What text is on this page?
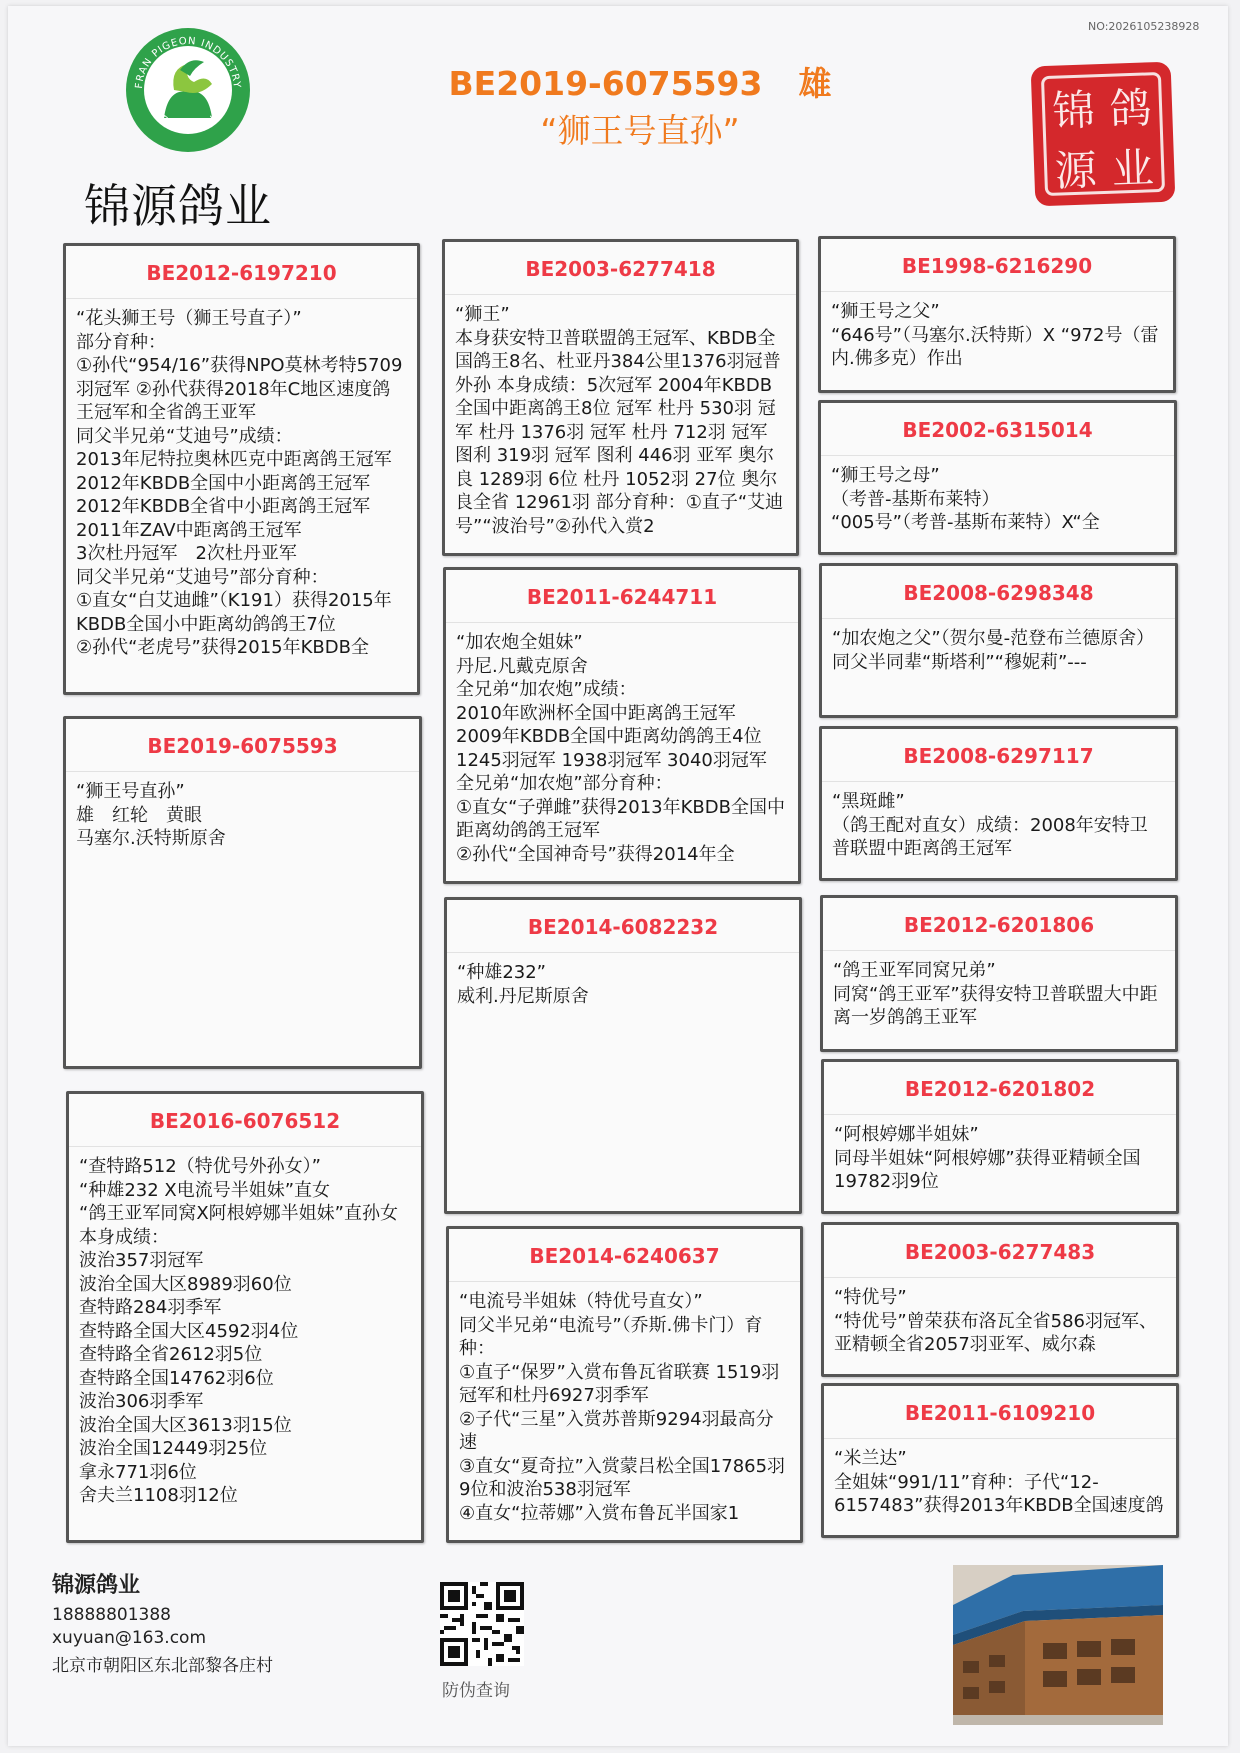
NO:2026105238928
FRAN PIGEON INDUSTRY
FENGYUAN
锦源鸽业
BE2019-6075593 雄
“狮王号直孙”	锦 鸽
源 业
BE2012-6197210
“花头狮王号（狮王号直子）”
部分育种：
①孙代“954/16”获得NPO莫林考特5709羽冠军 ②孙代获得2018年C地区速度鸽王冠军和全省鸽王亚军
同父半兄弟“艾迪号”成绩：
2013年尼特拉奥林匹克中距离鸽王冠军
2012年KBDB全国中小距离鸽王冠军
2012年KBDB全省中小距离鸽王冠军
2011年ZAV中距离鸽王冠军
3次杜丹冠军　2次杜丹亚军
同父半兄弟“艾迪号”部分育种：
①直女“白艾迪雌”（K191）获得2015年KBDB全国小中距离幼鸽鸽王7位
②孙代“老虎号”获得2015年KBDB全
BE2019-6075593
“狮王号直孙”
雄　红轮　黄眼
马塞尔.沃特斯原舍
BE2016-6076512
“查特路512（特优号外孙女）”
“种雄232 X电流号半姐妹”直女
“鸽王亚军同窝X阿根婷娜半姐妹”直孙女
本身成绩：
波治357羽冠军
波治全国大区8989羽60位
查特路284羽季军
查特路全国大区4592羽4位
查特路全省2612羽5位
查特路全国14762羽6位
波治306羽季军
波治全国大区3613羽15位
波治全国12449羽25位
拿永771羽6位
舍夫兰1108羽12位
BE2003-6277418
“狮王”
本身获安特卫普联盟鸽王冠军、KBDB全国鸽王8名、杜亚丹384公里1376羽冠普外孙 本身成绩：5次冠军 2004年KBDB全国中距离鸽王8位 冠军 杜丹 530羽 冠军 杜丹 1376羽 冠军 杜丹 712羽 冠军 图利 319羽 冠军 图利 446羽 亚军 奥尔良 1289羽 6位 杜丹 1052羽 27位 奥尔良全省 12961羽 部分育种：①直子“艾迪号”“波治号”②孙代入赏2
BE2011-6244711
“加农炮全姐妹”
丹尼.凡戴克原舍
全兄弟“加农炮”成绩：
2010年欧洲杯全国中距离鸽王冠军
2009年KBDB全国中距离幼鸽鸽王4位
1245羽冠军 1938羽冠军 3040羽冠军
全兄弟“加农炮”部分育种：
①直女“子弹雌”获得2013年KBDB全国中距离幼鸽鸽王冠军
②孙代“全国神奇号”获得2014年全
BE2014-6082232
“种雄232”
威利.丹尼斯原舍
BE2014-6240637
“电流号半姐妹（特优号直女）”
同父半兄弟“电流号”（乔斯.佛卡门）育种：
①直子“保罗”入赏布鲁瓦省联赛 1519羽冠军和杜丹6927羽季军
②子代“三星”入赏苏普斯9294羽最高分速
③直女“夏奇拉”入赏蒙吕松全国17865羽9位和波治538羽冠军
④直女“拉蒂娜”入赏布鲁瓦半国家1
BE1998-6216290
“狮王号之父”
“646号”（马塞尔.沃特斯）X “972号（雷内.佛多克）作出
BE2002-6315014
“狮王号之母”
（考普-基斯布莱特）
“005号”（考普-基斯布莱特）X“全
BE2008-6298348
“加农炮之父”（贺尔曼-范登布兰德原舍）
同父半同辈“斯塔利”“穆妮莉”---
BE2008-6297117
“黑斑雌”
（鸽王配对直女）成绩：2008年安特卫普联盟中距离鸽王冠军
BE2012-6201806
“鸽王亚军同窝兄弟”
同窝“鸽王亚军”获得安特卫普联盟大中距离一岁鸽鸽王亚军
BE2012-6201802
“阿根婷娜半姐妹”
同母半姐妹“阿根婷娜”获得亚精顿全国19782羽9位
BE2003-6277483
“特优号”
“特优号”曾荣获布洛瓦全省586羽冠军、亚精顿全省2057羽亚军、威尔森
BE2011-6109210
“米兰达”
全姐妹“991/11”育种：子代“12-6157483”获得2013年KBDB全国速度鸽
锦源鸽业
18888801388
xuyuan@163.com
北京市朝阳区东北部黎各庄村
防伪查询
